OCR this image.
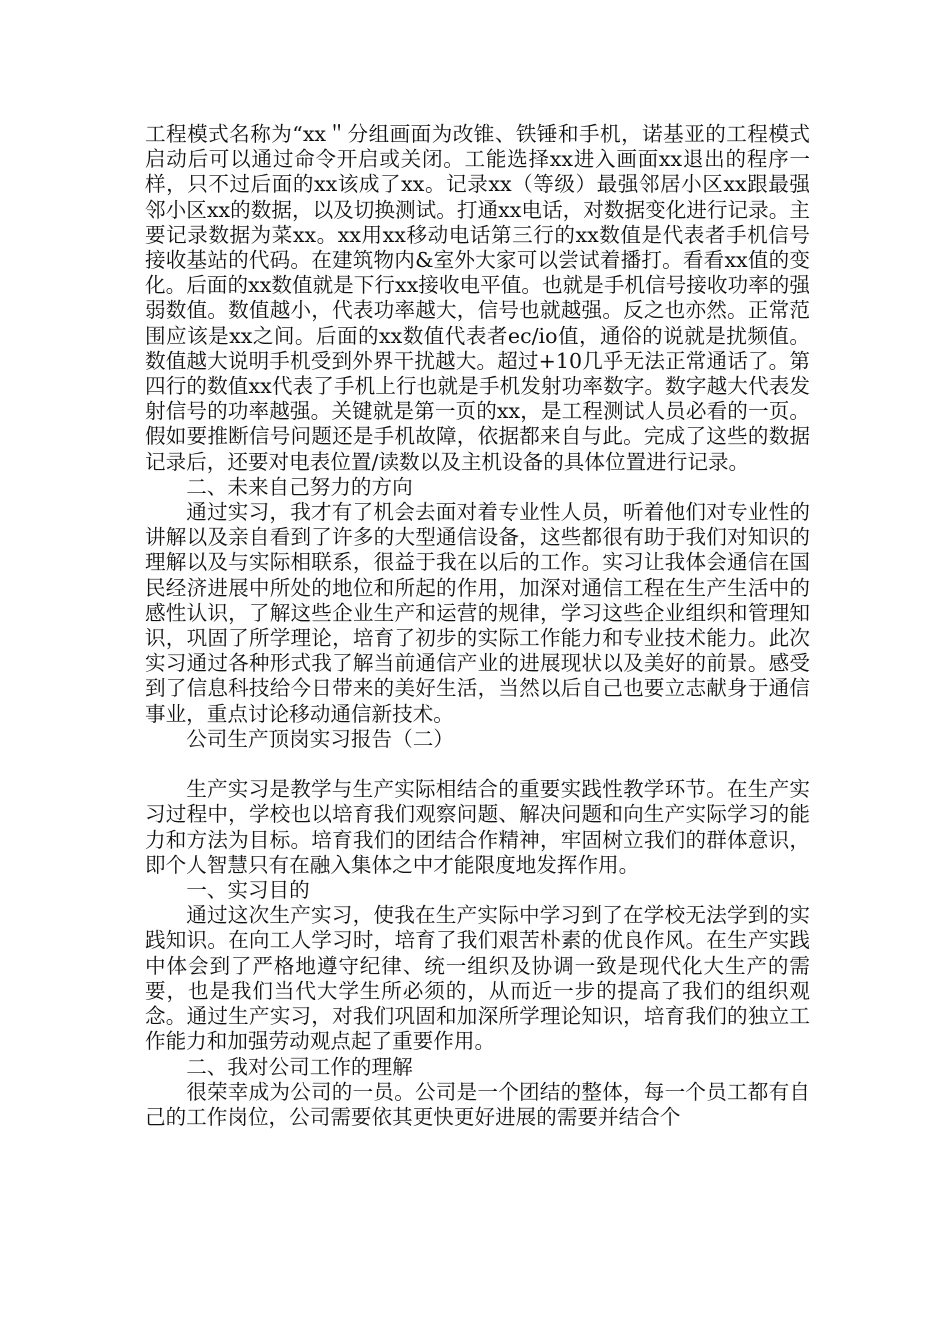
工程模式名称为“xx＂分组画面为改锥、铁锤和手机，诺基亚的工程模式启动后可以通过命令开启或关闭。工能选择xx进入画面xx退出的程序一样，只不过后面的xx该成了xx。记录xx（等级）最强邻居小区xx跟最强邻小区xx的数据，以及切换测试。打通xx电话，对数据变化进行记录。主要记录数据为菜xx。xx用xx移动电话第三行的xx数值是代表者手机信号接收基站的代码。在建筑物内&室外大家可以尝试着播打。看看xx值的变化。后面的xx数值就是下行xx接收电平值。也就是手机信号接收功率的强弱数值。数值越小，代表功率越大，信号也就越强。反之也亦然。正常范围应该是xx之间。后面的xx数值代表者ec/io值，通俗的说就是扰频值。数值越大说明手机受到外界干扰越大。超过+10几乎无法正常通话了。第四行的数值xx代表了手机上行也就是手机发射功率数字。数字越大代表发射信号的功率越强。关键就是第一页的xx，是工程测试人员必看的一页。假如要推断信号问题还是手机故障，依据都来自与此。完成了这些的数据记录后，还要对电表位置/读数以及主机设备的具体位置进行记录。

二、未来自己努力的方向

通过实习，我才有了机会去面对着专业性人员，听着他们对专业性的讲解以及亲自看到了许多的大型通信设备，这些都很有助于我们对知识的理解以及与实际相联系，很益于我在以后的工作。实习让我体会通信在国民经济进展中所处的地位和所起的作用，加深对通信工程在生产生活中的感性认识，了解这些企业生产和运营的规律，学习这些企业组织和管理知识，巩固了所学理论，培育了初步的实际工作能力和专业技术能力。此次实习通过各种形式我了解当前通信产业的进展现状以及美好的前景。感受到了信息科技给今日带来的美好生活，当然以后自己也要立志献身于通信事业，重点讨论移动通信新技术。

公司生产顶岗实习报告（二）

生产实习是教学与生产实际相结合的重要实践性教学环节。在生产实习过程中，学校也以培育我们观察问题、解决问题和向生产实际学习的能力和方法为目标。培育我们的团结合作精神，牢固树立我们的群体意识，即个人智慧只有在融入集体之中才能限度地发挥作用。

一、实习目的

通过这次生产实习，使我在生产实际中学习到了在学校无法学到的实践知识。在向工人学习时，培育了我们艰苦朴素的优良作风。在生产实践中体会到了严格地遵守纪律、统一组织及协调一致是现代化大生产的需要，也是我们当代大学生所必须的，从而近一步的提高了我们的组织观念。通过生产实习，对我们巩固和加深所学理论知识，培育我们的独立工作能力和加强劳动观点起了重要作用。

二、我对公司工作的理解

很荣幸成为公司的一员。公司是一个团结的整体，每一个员工都有自己的工作岗位，公司需要依其更快更好进展的需要并结合个
